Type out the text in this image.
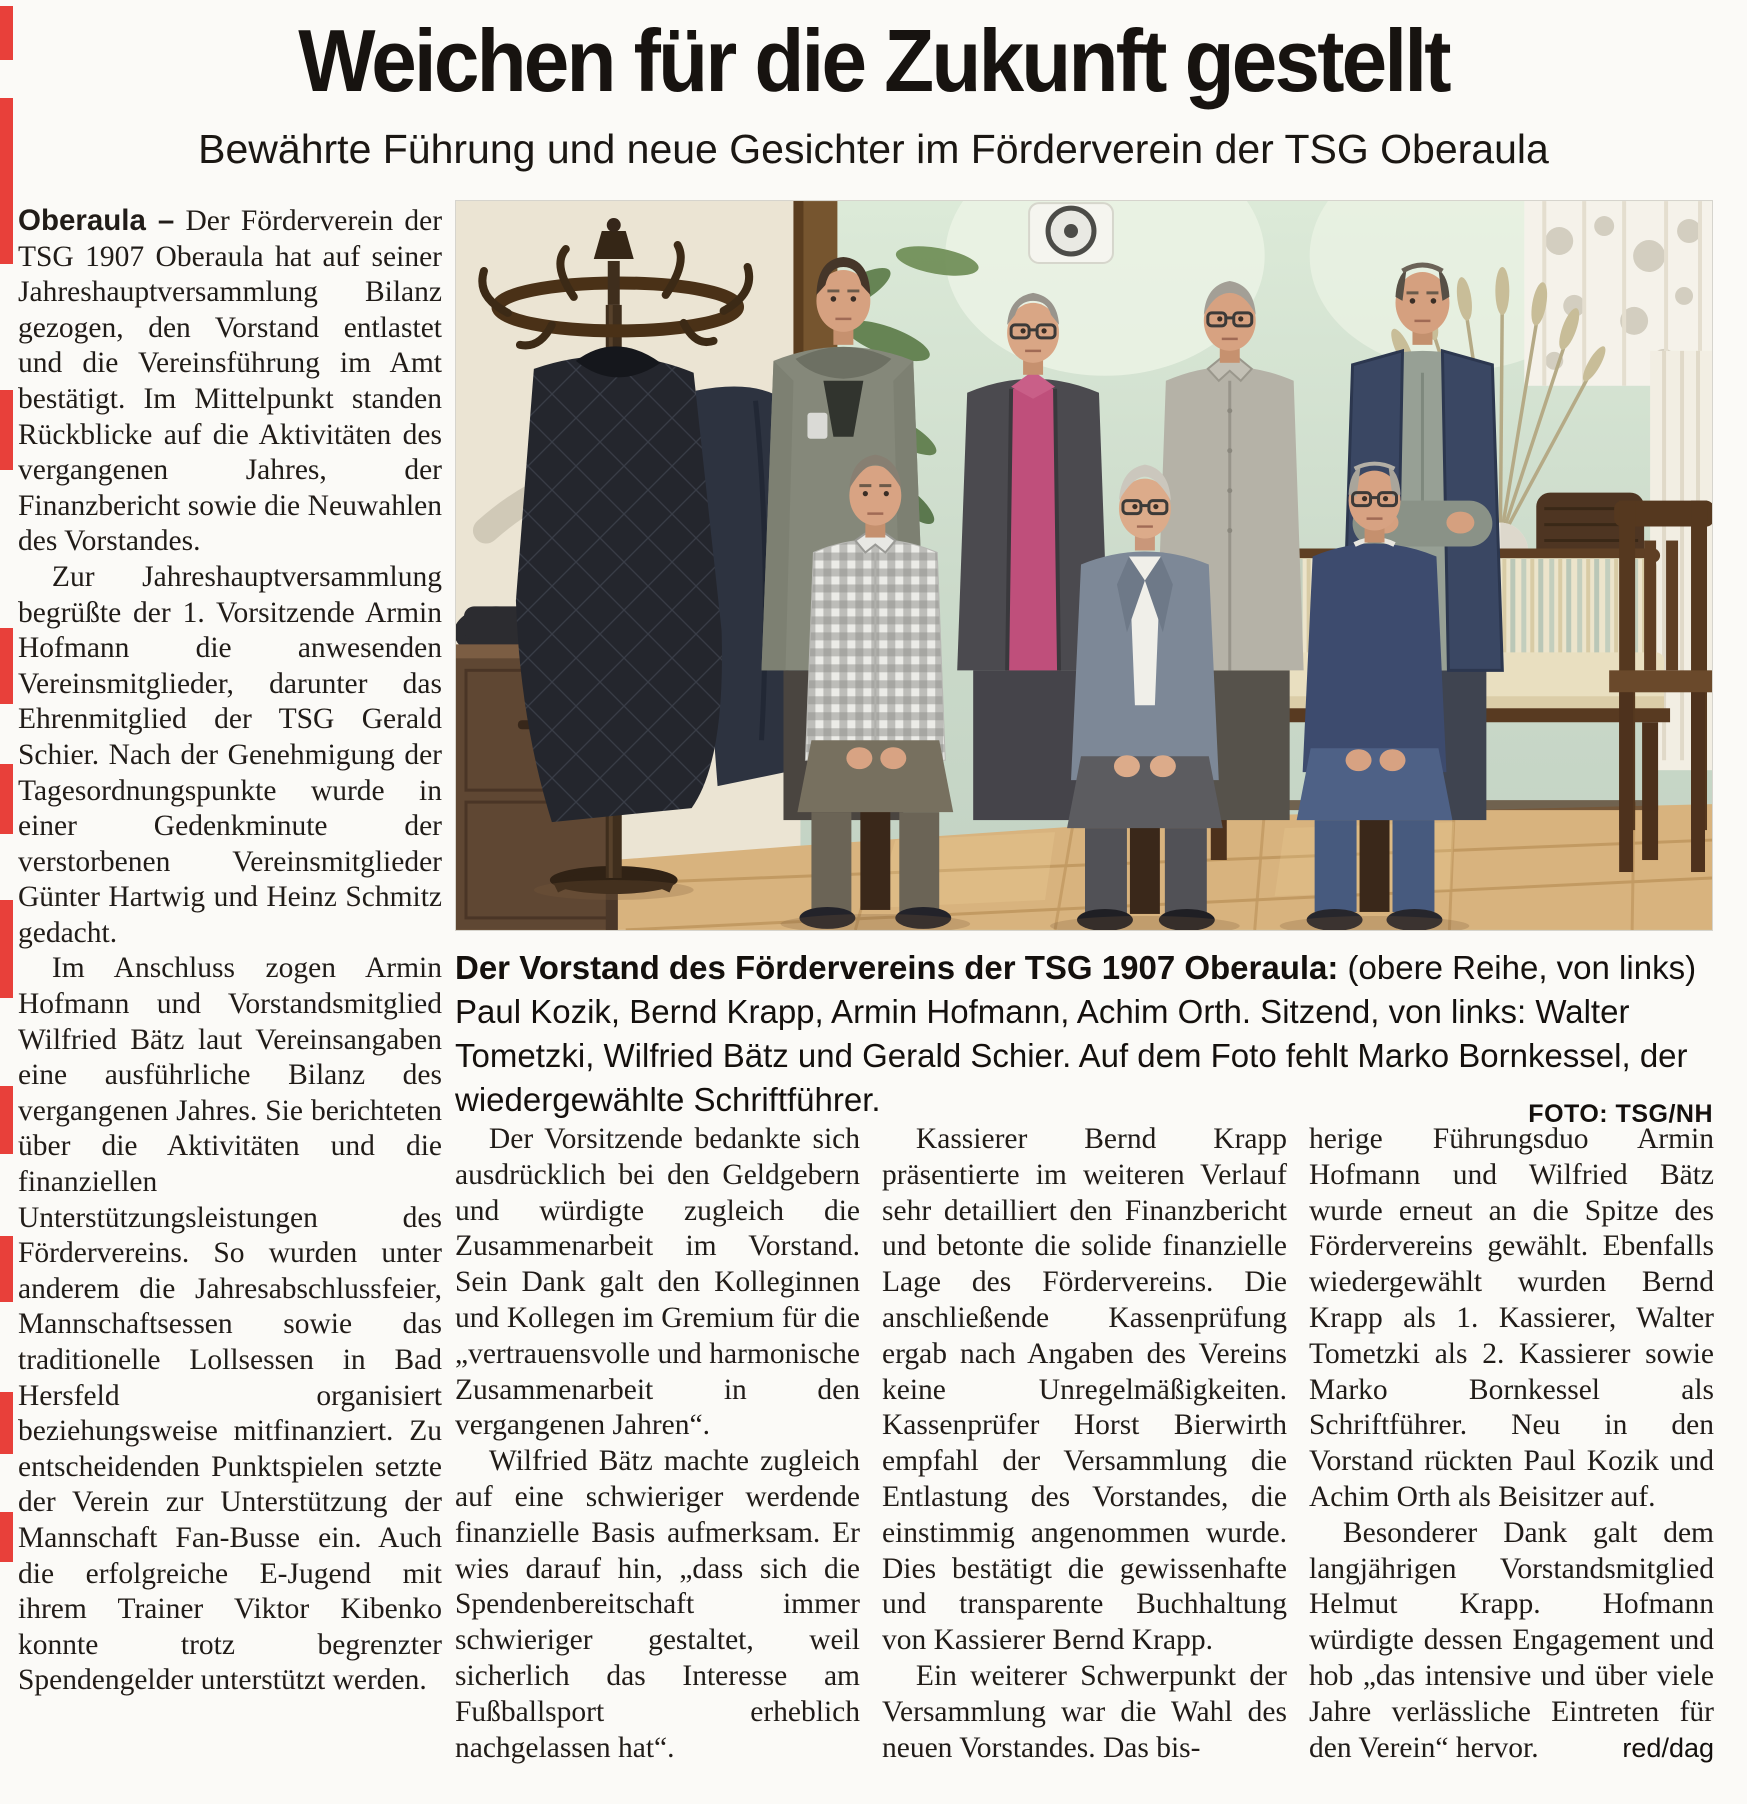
Weichen für die Zukunft gestellt
Bewährte Führung und neue Gesichter im Förderverein der TSG Oberaula

Oberaula – Der Förderverein der TSG 1907 Oberaula hat auf seiner Jahreshauptversammlung Bilanz gezogen, den Vorstand entlastet und die Vereinsführung im Amt bestätigt. Im Mittelpunkt standen Rückblicke auf die Aktivitäten des vergangenen Jahres, der Finanzbericht sowie die Neuwahlen des Vorstandes.

Zur Jahreshauptversammlung begrüßte der 1. Vorsitzende Armin Hofmann die anwesenden Vereinsmitglieder, darunter das Ehrenmitglied der TSG Gerald Schier. Nach der Genehmigung der Tagesordnungspunkte wurde in einer Gedenkminute der verstorbenen Vereinsmitglieder Günter Hartwig und Heinz Schmitz gedacht.

Im Anschluss zogen Armin Hofmann und Vorstandsmitglied Wilfried Bätz laut Vereinsangaben eine ausführliche Bilanz des vergangenen Jahres. Sie berichteten über die Aktivitäten und die finanziellen Unterstützungsleistungen des Fördervereins. So wurden unter anderem die Jahresabschlussfeier, Mannschaftsessen sowie das traditionelle Lollsessen in Bad Hersfeld organisiert beziehungsweise mitfinanziert. Zu entscheidenden Punktspielen setzte der Verein zur Unterstützung der Mannschaft Fan-Busse ein. Auch die erfolgreiche E-Jugend mit ihrem Trainer Viktor Kibenko konnte trotz begrenzter Spendengelder unterstützt werden.

Der Vorstand des Fördervereins der TSG 1907 Oberaula: (obere Reihe, von links) Paul Kozik, Bernd Krapp, Armin Hofmann, Achim Orth. Sitzend, von links: Walter Tometzki, Wilfried Bätz und Gerald Schier. Auf dem Foto fehlt Marko Bornkessel, der wiedergewählte Schriftführer.	FOTO: TSG/NH

Der Vorsitzende bedankte sich ausdrücklich bei den Geldgebern und würdigte zugleich die Zusammenarbeit im Vorstand. Sein Dank galt den Kolleginnen und Kollegen im Gremium für die „vertrauensvolle und harmonische Zusammenarbeit in den vergangenen Jahren“.

Wilfried Bätz machte zugleich auf eine schwieriger werdende finanzielle Basis aufmerksam. Er wies darauf hin, „dass sich die Spendenbereitschaft immer schwieriger gestaltet, weil sicherlich das Interesse am Fußballsport erheblich nachgelassen hat“.

Kassierer Bernd Krapp präsentierte im weiteren Verlauf sehr detailliert den Finanzbericht und betonte die solide finanzielle Lage des Fördervereins. Die anschließende Kassenprüfung ergab nach Angaben des Vereins keine Unregelmäßigkeiten. Kassenprüfer Horst Bierwirth empfahl der Versammlung die Entlastung des Vorstandes, die einstimmig angenommen wurde. Dies bestätigt die gewissenhafte und transparente Buchhaltung von Kassierer Bernd Krapp.

Ein weiterer Schwerpunkt der Versammlung war die Wahl des neuen Vorstandes. Das bis-

herige Führungsduo Armin Hofmann und Wilfried Bätz wurde erneut an die Spitze des Fördervereins gewählt. Ebenfalls wiedergewählt wurden Bernd Krapp als 1. Kassierer, Walter Tometzki als 2. Kassierer sowie Marko Bornkessel als Schriftführer. Neu in den Vorstand rückten Paul Kozik und Achim Orth als Beisitzer auf.

Besonderer Dank galt dem langjährigen Vorstandsmitglied Helmut Krapp. Hofmann würdigte dessen Engagement und hob „das intensive und über viele Jahre verlässliche Eintreten für den Verein“ hervor.	red/dag
